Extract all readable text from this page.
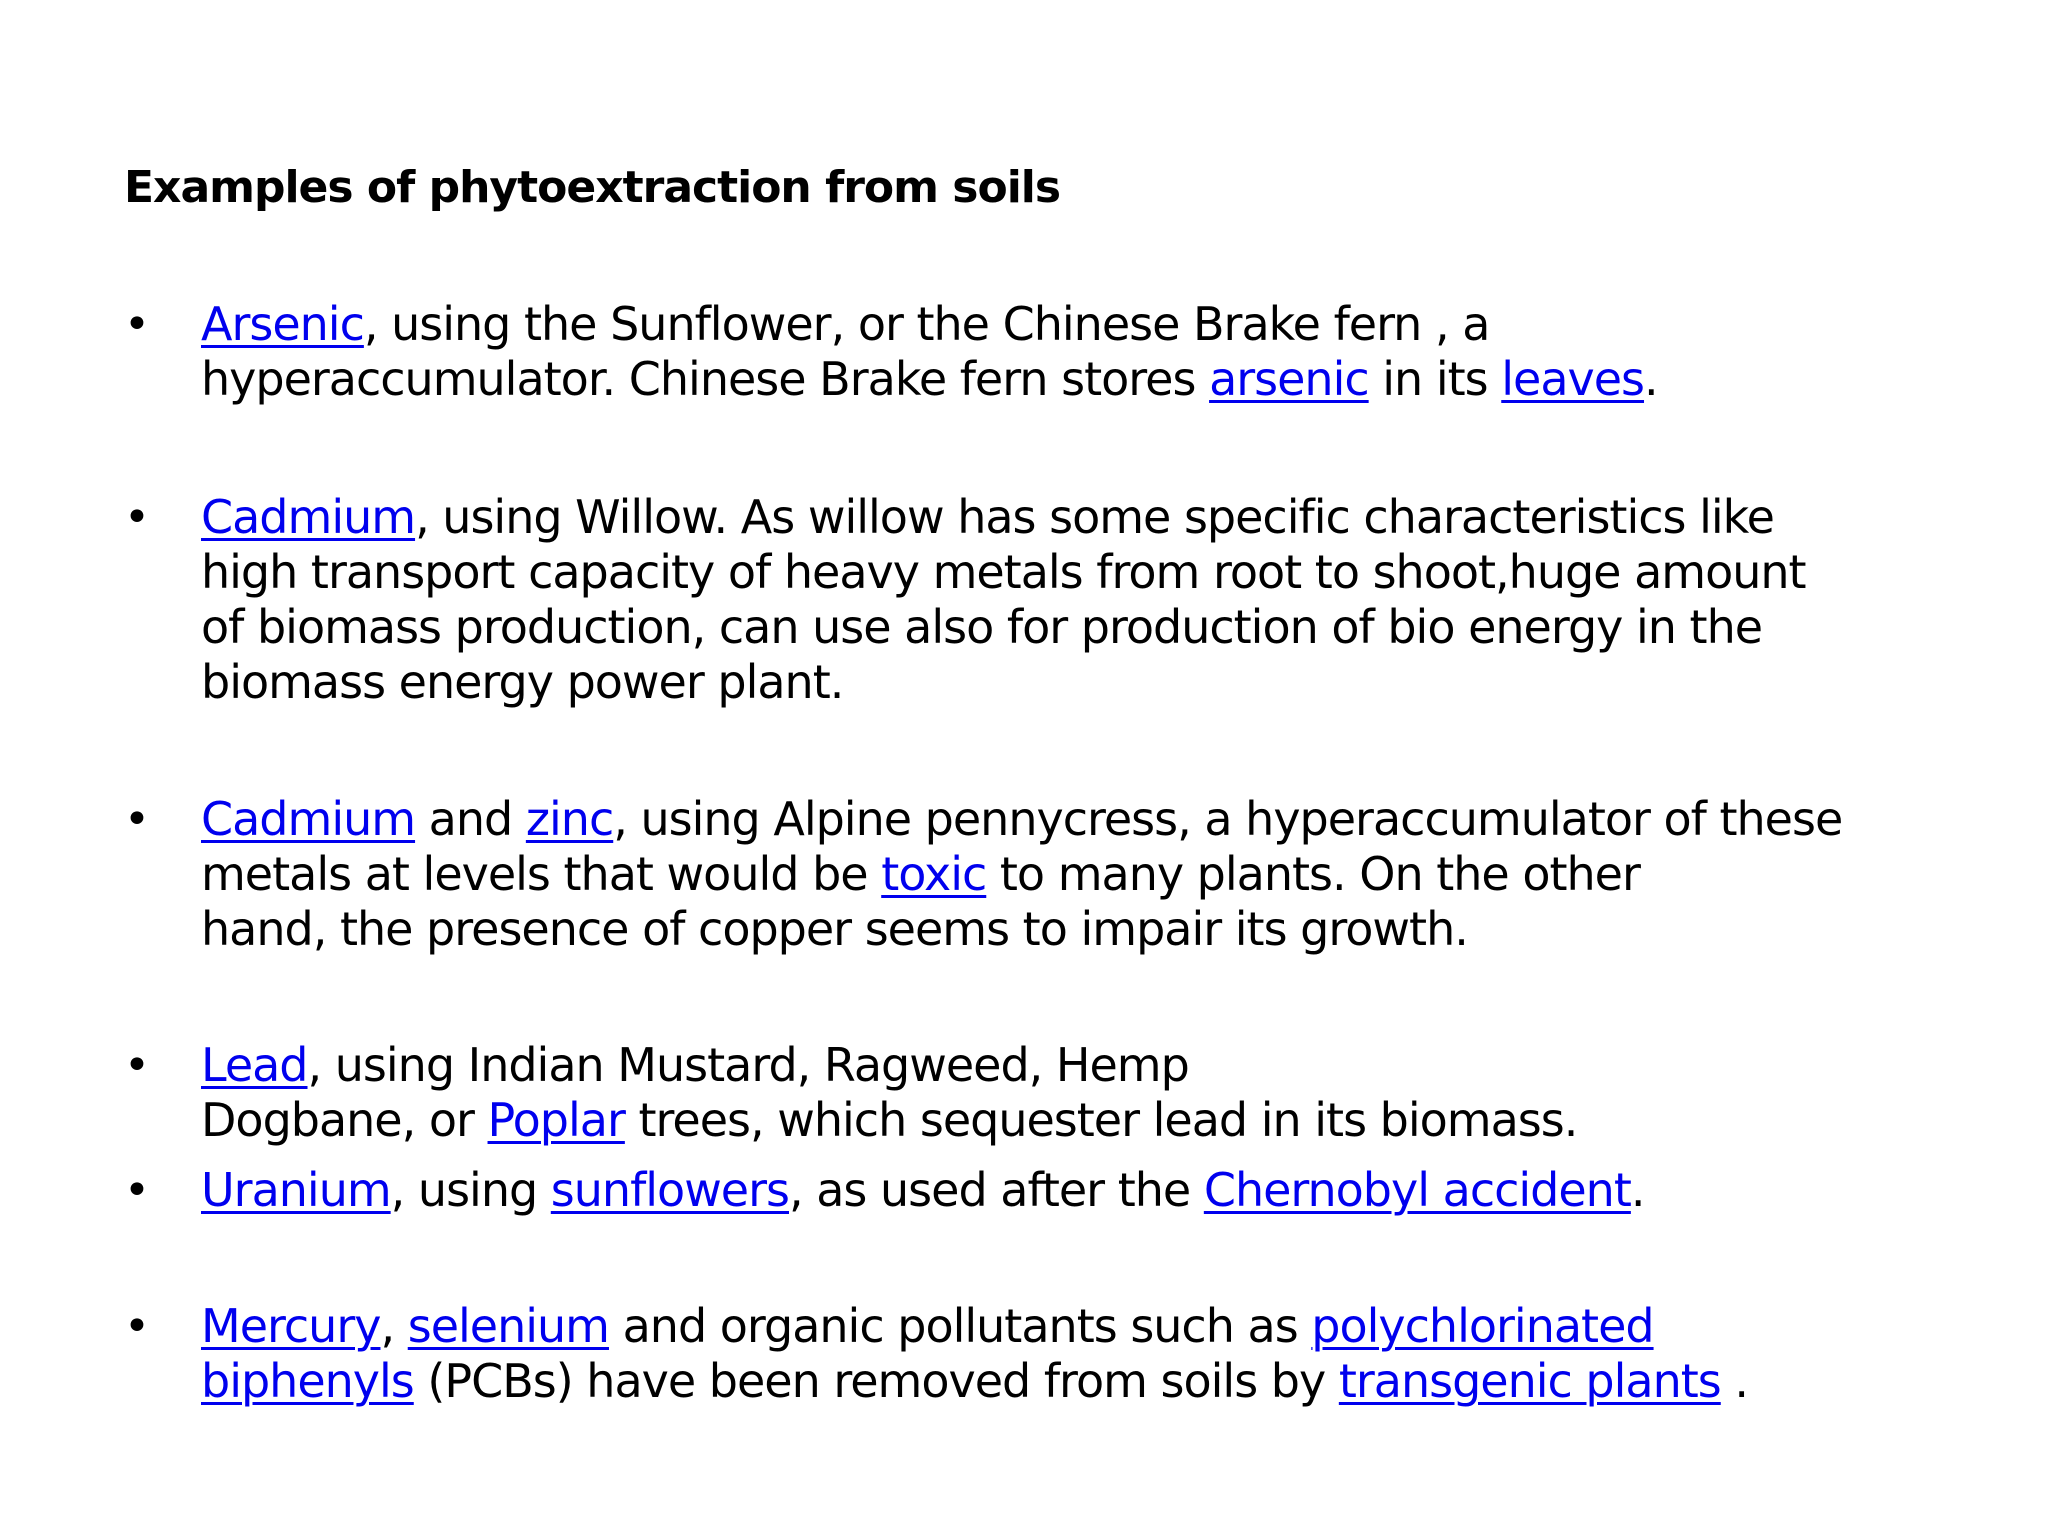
Examples of phytoextraction from soils
•	Arsenic, using the Sunflower, or the Chinese Brake fern , a
hyperaccumulator. Chinese Brake fern stores arsenic in its leaves.
•	Cadmium, using Willow. As willow has some specific characteristics like
high transport capacity of heavy metals from root to shoot,huge amount
of biomass production, can use also for production of bio energy in the
biomass energy power plant.
•	Cadmium and zinc, using Alpine pennycress, a hyperaccumulator of these
metals at levels that would be toxic to many plants. On the other
hand, the presence of copper seems to impair its growth.
•	Lead, using Indian Mustard, Ragweed, Hemp
Dogbane, or Poplar trees, which sequester lead in its biomass.
•	Uranium, using sunflowers, as used after the Chernobyl accident.
•	Mercury, selenium and organic pollutants such as polychlorinated
biphenyls (PCBs) have been removed from soils by transgenic plants .
